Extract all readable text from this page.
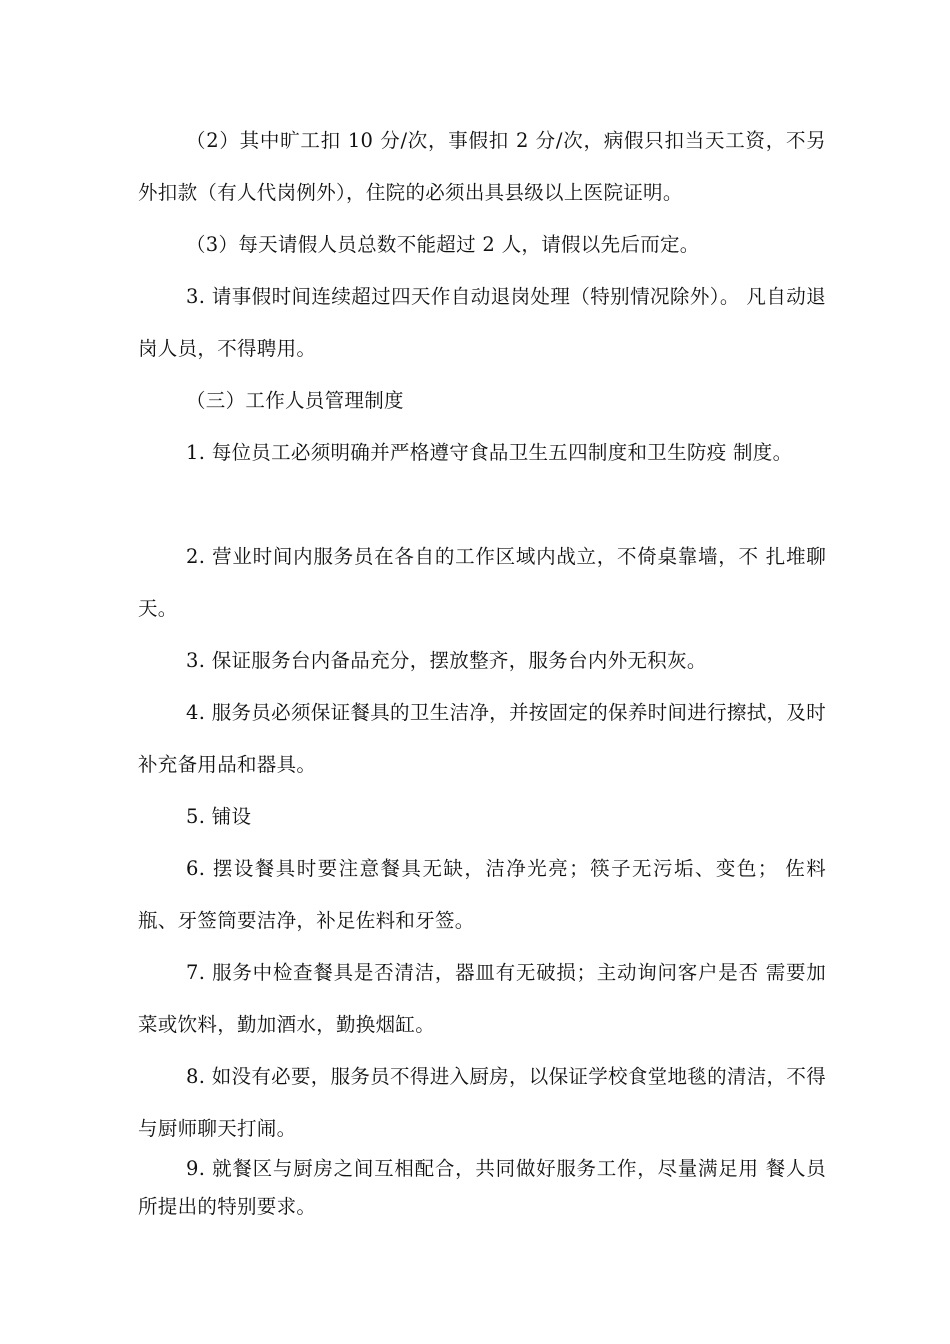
（2）其中旷工扣 10 分/次，事假扣 2 分/次，病假只扣当天工资，不另外扣款（有人代岗例外），住院的必须出具县级以上医院证明。

（3）每天请假人员总数不能超过 2 人，请假以先后而定。

3. 请事假时间连续超过四天作自动退岗处理（特别情况除外）。 凡自动退岗人员，不得聘用。

（三）工作人员管理制度

1. 每位员工必须明确并严格遵守食品卫生五四制度和卫生防疫 制度。

2. 营业时间内服务员在各自的工作区域内战立，不倚桌靠墙，不 扎堆聊天。

3. 保证服务台内备品充分，摆放整齐，服务台内外无积灰。

4. 服务员必须保证餐具的卫生洁净，并按固定的保养时间进行擦拭，及时补充备用品和器具。

5. 铺设

6. 摆设餐具时要注意餐具无缺，洁净光亮；筷子无污垢、变色； 佐料瓶、牙签筒要洁净，补足佐料和牙签。

7. 服务中检查餐具是否清洁，器皿有无破损；主动询问客户是否 需要加菜或饮料，勤加酒水，勤换烟缸。

8. 如没有必要，服务员不得进入厨房，以保证学校食堂地毯的清洁，不得与厨师聊天打闹。

9. 就餐区与厨房之间互相配合，共同做好服务工作，尽量满足用 餐人员所提出的特别要求。
